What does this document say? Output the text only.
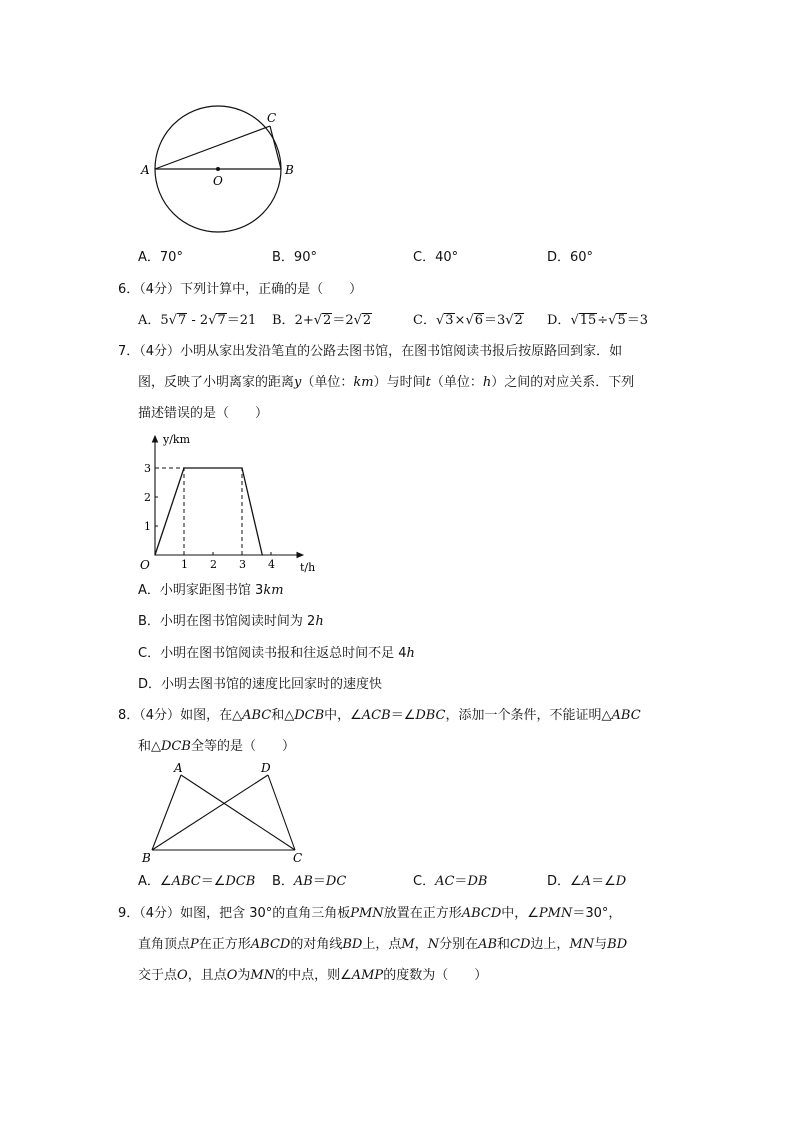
A	B
C
O
A．70°	B．90°	C．40°	D．60°
6．（4分）下列计算中，正确的是（　　）
A．5√7 - 2√7＝21 B．2+√2＝2√2	C．√3×√6＝3√2 D．√15÷√5＝3
7．（4分）小明从家出发沿笔直的公路去图书馆，在图书馆阅读书报后按原路回到家．如
图，反映了小明离家的距离y（单位：km）与时间t（单位：h）之间的对应关系．下列
描述错误的是（　　）
1 2 3 4
1
2
3
O	t/h
y/km
A．小明家距图书馆 3km
B．小明在图书馆阅读时间为 2h
C．小明在图书馆阅读书报和往返总时间不足 4h
D．小明去图书馆的速度比回家时的速度快
8．（4分）如图，在△ABC和△DCB中，∠ACB＝∠DBC，添加一个条件，不能证明△ABC
和△DCB全等的是（　　）
A	D
B	C
A．∠ABC＝∠DCB B．AB＝DC	C．AC＝DB	D．∠A＝∠D
9．（4分）如图，把含 30°的直角三角板PMN放置在正方形ABCD中，∠PMN＝30°，
直角顶点P在正方形ABCD的对角线BD上，点M，N分别在AB和CD边上，MN与BD
交于点O，且点O为MN的中点，则∠AMP的度数为（　　）
